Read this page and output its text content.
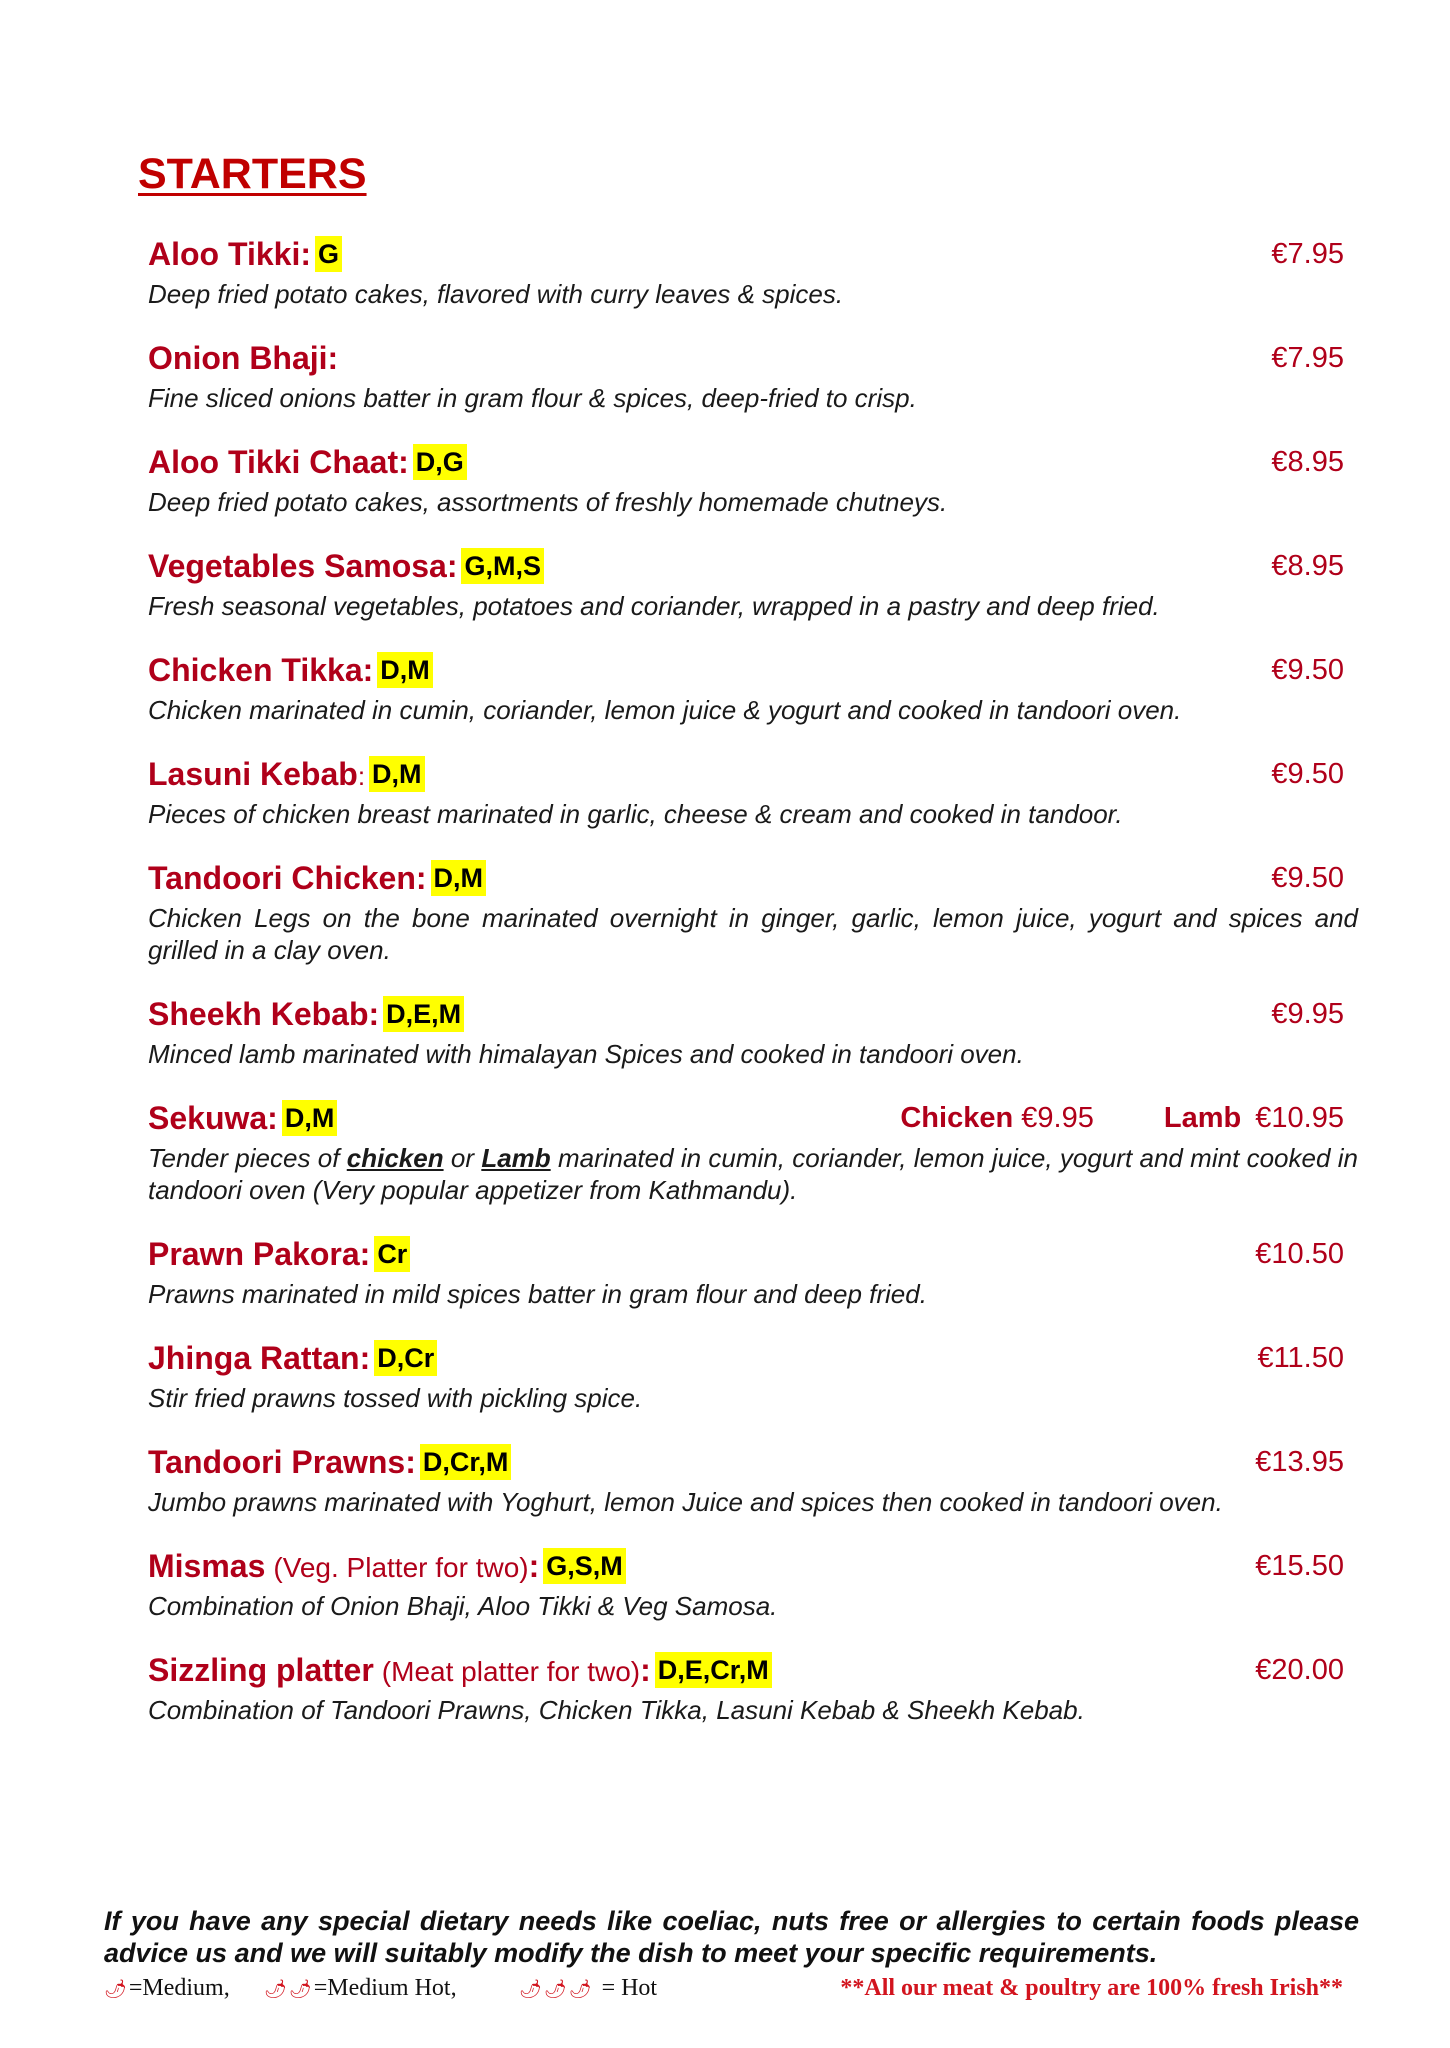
STARTERS
Aloo Tikki: G	€7.95
Deep fried potato cakes, flavored with curry leaves & spices.
Onion Bhaji:	€7.95
Fine sliced onions batter in gram flour & spices, deep-fried to crisp.
Aloo Tikki Chaat: D,G	€8.95
Deep fried potato cakes, assortments of freshly homemade chutneys.
Vegetables Samosa: G,M,S	€8.95
Fresh seasonal vegetables, potatoes and coriander, wrapped in a pastry and deep fried.
Chicken Tikka: D,M	€9.50
Chicken marinated in cumin, coriander, lemon juice & yogurt and cooked in tandoori oven.
Lasuni Kebab: D,M	€9.50
Pieces of chicken breast marinated in garlic, cheese & cream and cooked in tandoor.
Tandoori Chicken: D,M	€9.50
Chicken Legs on the bone marinated overnight in ginger, garlic, lemon juice, yogurt and spices and grilled in a clay oven.
Sheekh Kebab: D,E,M	€9.95
Minced lamb marinated with himalayan Spices and cooked in tandoori oven.
Sekuwa: D,M	Chicken €9.95 Lamb €10.95
Tender pieces of chicken or Lamb marinated in cumin, coriander, lemon juice, yogurt and mint cooked in tandoori oven (Very popular appetizer from Kathmandu).
Prawn Pakora: Cr	€10.50
Prawns marinated in mild spices batter in gram flour and deep fried.
Jhinga Rattan: D,Cr	€11.50
Stir fried prawns tossed with pickling spice.
Tandoori Prawns: D,Cr,M	€13.95
Jumbo prawns marinated with Yoghurt, lemon Juice and spices then cooked in tandoori oven.
Mismas (Veg. Platter for two): G,S,M	€15.50
Combination of Onion Bhaji, Aloo Tikki & Veg Samosa.
Sizzling platter (Meat platter for two): D,E,Cr,M	€20.00
Combination of Tandoori Prawns, Chicken Tikka, Lasuni Kebab & Sheekh Kebab.
If you have any special dietary needs like coeliac, nuts free or allergies to certain foods please advice us and we will suitably modify the dish to meet your specific requirements.
🌶=Medium, 🌶🌶=Medium Hot,	🌶🌶🌶 = Hot	**All our meat & poultry are 100% fresh Irish**
